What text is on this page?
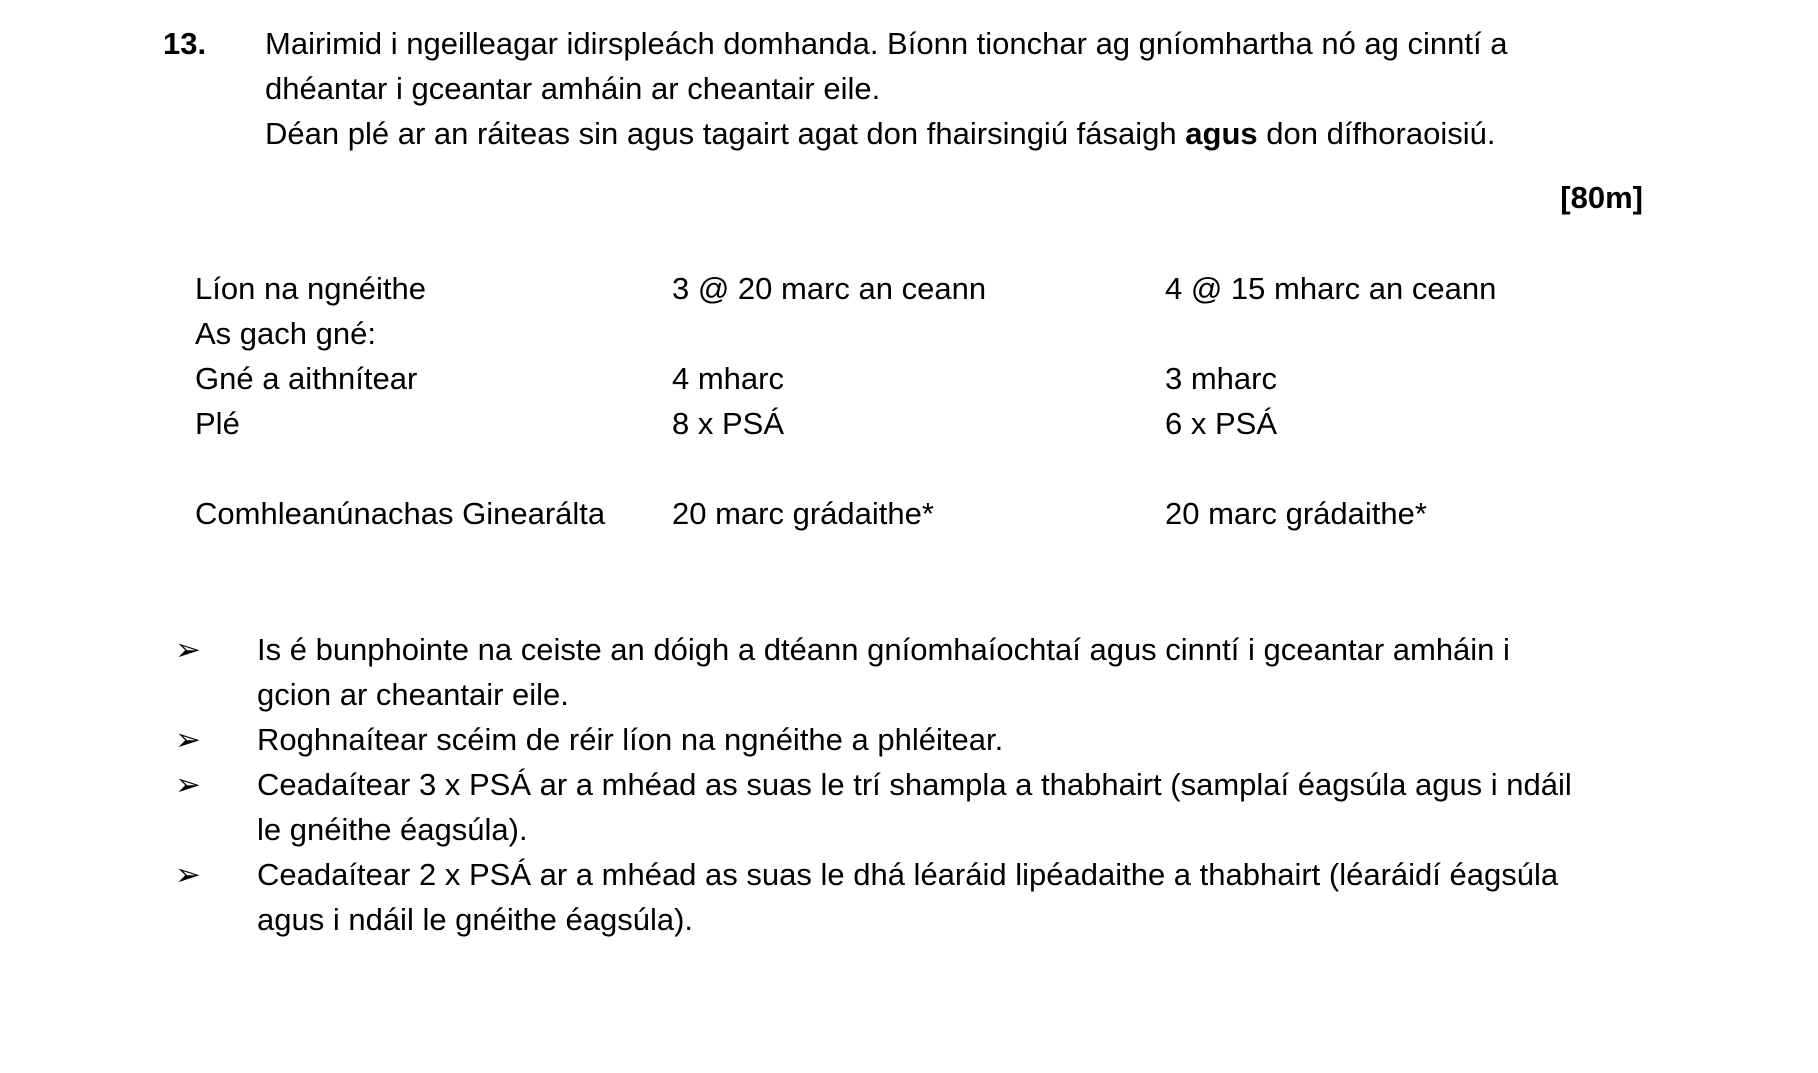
13. Mairimid i ngeilleagar idirspleách domhanda. Bíonn tionchar ag gníomhartha nó ag cinntí a
dhéantar i gceantar amháin ar cheantair eile.
Déan plé ar an ráiteas sin agus tagairt agat don fhairsingiú fásaigh agus don dífhoraoisiú.
[80m]
Líon na ngnéithe	3 @ 20 marc an ceann	4 @ 15 mharc an ceann
As gach gné:
Gné a aithnítear	4 mharc	3 mharc
Plé	8 x PSÁ	6 x PSÁ
Comhleanúnachas Ginearálta	20 marc grádaithe*	20 marc grádaithe*
➢	Is é bunphointe na ceiste an dóigh a dtéann gníomhaíochtaí agus cinntí i gceantar amháin i
gcion ar cheantair eile.
➢	Roghnaítear scéim de réir líon na ngnéithe a phléitear.
➢	Ceadaítear 3 x PSÁ ar a mhéad as suas le trí shampla a thabhairt (samplaí éagsúla agus i ndáil
le gnéithe éagsúla).
➢	Ceadaítear 2 x PSÁ ar a mhéad as suas le dhá léaráid lipéadaithe a thabhairt (léaráidí éagsúla
agus i ndáil le gnéithe éagsúla).
